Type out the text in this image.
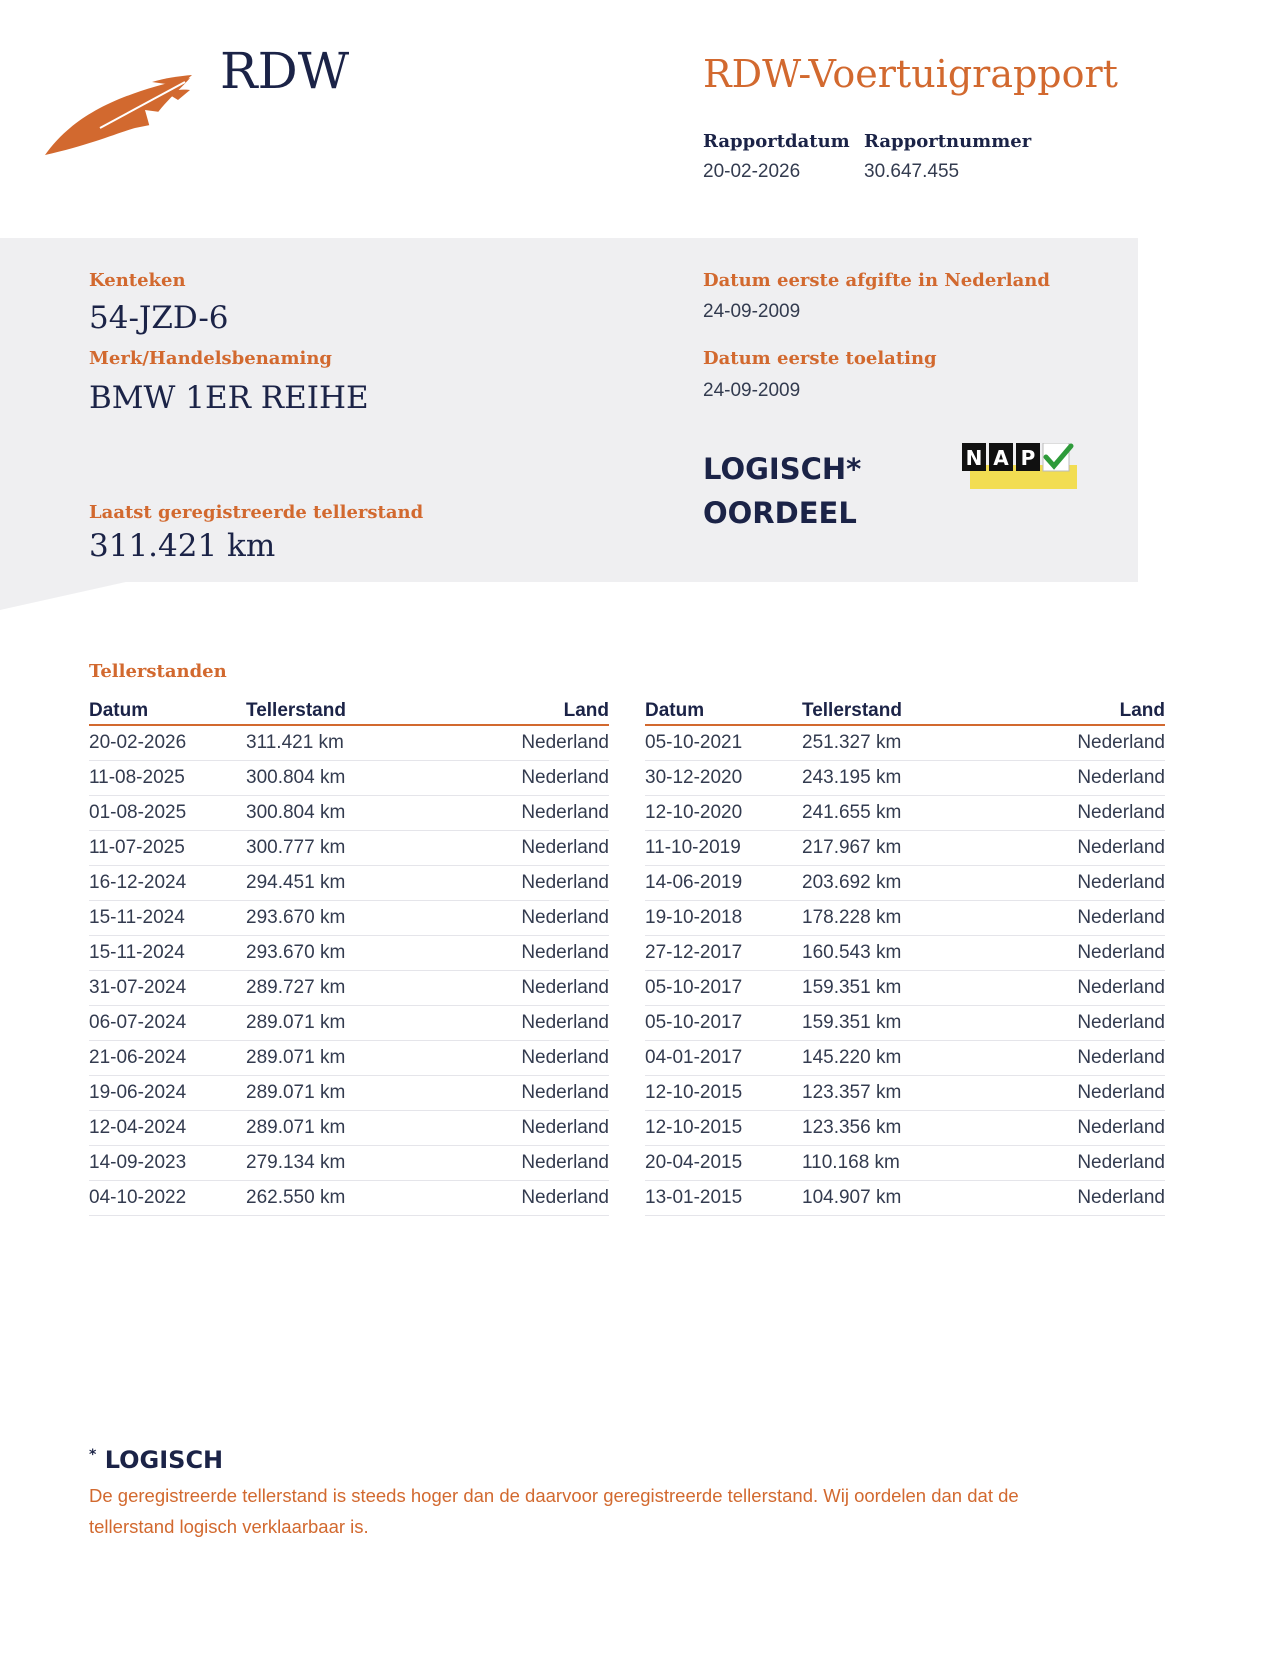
RDW	RDW-Voertuigrapport
Rapportdatum
20-02-2026
Rapportnummer
30.647.455
Kenteken
54-JZD-6
Merk/Handelsbenaming
BMW 1ER REIHE
Laatst geregistreerde tellerstand
311.421 km
Datum eerste afgifte in Nederland
24-09-2009
Datum eerste toelating
24-09-2009
LOGISCH*
OORDEEL
N A P
Tellerstanden
Datum	Tellerstand	Land
20-02-2026	311.421 km	Nederland
11-08-2025	300.804 km	Nederland
01-08-2025	300.804 km	Nederland
11-07-2025	300.777 km	Nederland
16-12-2024	294.451 km	Nederland
15-11-2024	293.670 km	Nederland
15-11-2024	293.670 km	Nederland
31-07-2024	289.727 km	Nederland
06-07-2024	289.071 km	Nederland
21-06-2024	289.071 km	Nederland
19-06-2024	289.071 km	Nederland
12-04-2024	289.071 km	Nederland
14-09-2023	279.134 km	Nederland
04-10-2022	262.550 km	Nederland
Datum	Tellerstand	Land
05-10-2021	251.327 km	Nederland
30-12-2020	243.195 km	Nederland
12-10-2020	241.655 km	Nederland
11-10-2019	217.967 km	Nederland
14-06-2019	203.692 km	Nederland
19-10-2018	178.228 km	Nederland
27-12-2017	160.543 km	Nederland
05-10-2017	159.351 km	Nederland
05-10-2017	159.351 km	Nederland
04-01-2017	145.220 km	Nederland
12-10-2015	123.357 km	Nederland
12-10-2015	123.356 km	Nederland
20-04-2015	110.168 km	Nederland
13-01-2015	104.907 km	Nederland
* LOGISCH
De geregistreerde tellerstand is steeds hoger dan de daarvoor geregistreerde tellerstand. Wij oordelen dan dat de tellerstand logisch verklaarbaar is.
